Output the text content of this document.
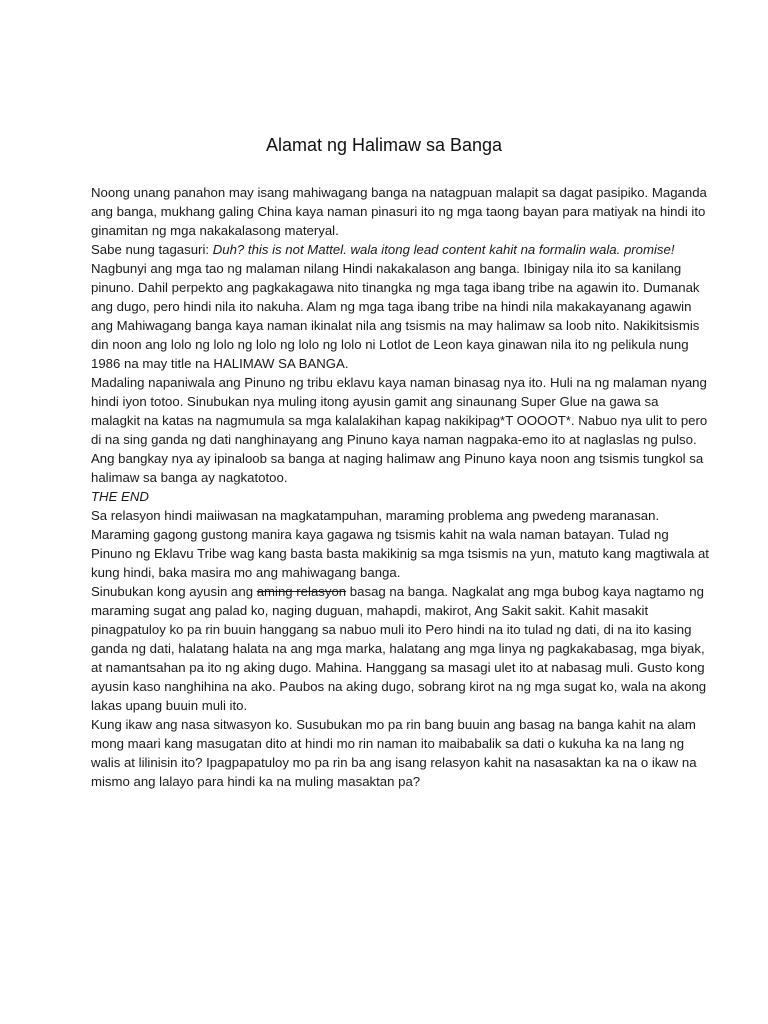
Alamat ng Halimaw sa Banga

Noong unang panahon may isang mahiwagang banga na natagpuan malapit sa dagat pasipiko. Maganda ang banga, mukhang galing China kaya naman pinasuri ito ng mga taong bayan para matiyak na hindi ito ginamitan ng mga nakakalasong materyal.

Sabe nung tagasuri: Duh? this is not Mattel. wala itong lead content kahit na formalin wala. promise!

Nagbunyi ang mga tao ng malaman nilang Hindi nakakalason ang banga. Ibinigay nila ito sa kanilang pinuno. Dahil perpekto ang pagkakagawa nito tinangka ng mga taga ibang tribe na agawin ito. Dumanak ang dugo, pero hindi nila ito nakuha. Alam ng mga taga ibang tribe na hindi nila makakayanang agawin ang Mahiwagang banga kaya naman ikinalat nila ang tsismis na may halimaw sa loob nito. Nakikitsismis din noon ang lolo ng lolo ng lolo ng lolo ng lolo ni Lotlot de Leon kaya ginawan nila ito ng pelikula nung 1986 na may title na HALIMAW SA BANGA.

Madaling napaniwala ang Pinuno ng tribu eklavu kaya naman binasag nya ito. Huli na ng malaman nyang hindi iyon totoo. Sinubukan nya muling itong ayusin gamit ang sinaunang Super Glue na gawa sa malagkit na katas na nagmumula sa mga kalalakihan kapag nakikipag*T OOOOT*. Nabuo nya ulit to pero di na sing ganda ng dati nanghinayang ang Pinuno kaya naman nagpaka-emo ito at naglaslas ng pulso. Ang bangkay nya ay ipinaloob sa banga at naging halimaw ang Pinuno kaya noon ang tsismis tungkol sa halimaw sa banga ay nagkatotoo.

THE END

Sa relasyon hindi maiiwasan na magkatampuhan, maraming problema ang pwedeng maranasan. Maraming gagong gustong manira kaya gagawa ng tsismis kahit na wala naman batayan. Tulad ng Pinuno ng Eklavu Tribe wag kang basta basta makikinig sa mga tsismis na yun, matuto kang magtiwala at kung hindi, baka masira mo ang mahiwagang banga.

Sinubukan kong ayusin ang aming relasyon basag na banga. Nagkalat ang mga bubog kaya nagtamo ng maraming sugat ang palad ko, naging duguan, mahapdi, makirot, Ang Sakit sakit. Kahit masakit pinagpatuloy ko pa rin buuin hanggang sa nabuo muli ito Pero hindi na ito tulad ng dati, di na ito kasing ganda ng dati, halatang halata na ang mga marka, halatang ang mga linya ng pagkakabasag, mga biyak, at namantsahan pa ito ng aking dugo. Mahina. Hanggang sa masagi ulet ito at nabasag muli. Gusto kong ayusin kaso nanghihina na ako. Paubos na aking dugo, sobrang kirot na ng mga sugat ko, wala na akong lakas upang buuin muli ito.

Kung ikaw ang nasa sitwasyon ko. Susubukan mo pa rin bang buuin ang basag na banga kahit na alam mong maari kang masugatan dito at hindi mo rin naman ito maibabalik sa dati o kukuha ka na lang ng walis at lilinisin ito? Ipagpapatuloy mo pa rin ba ang isang relasyon kahit na nasasaktan ka na o ikaw na mismo ang lalayo para hindi ka na muling masaktan pa?
